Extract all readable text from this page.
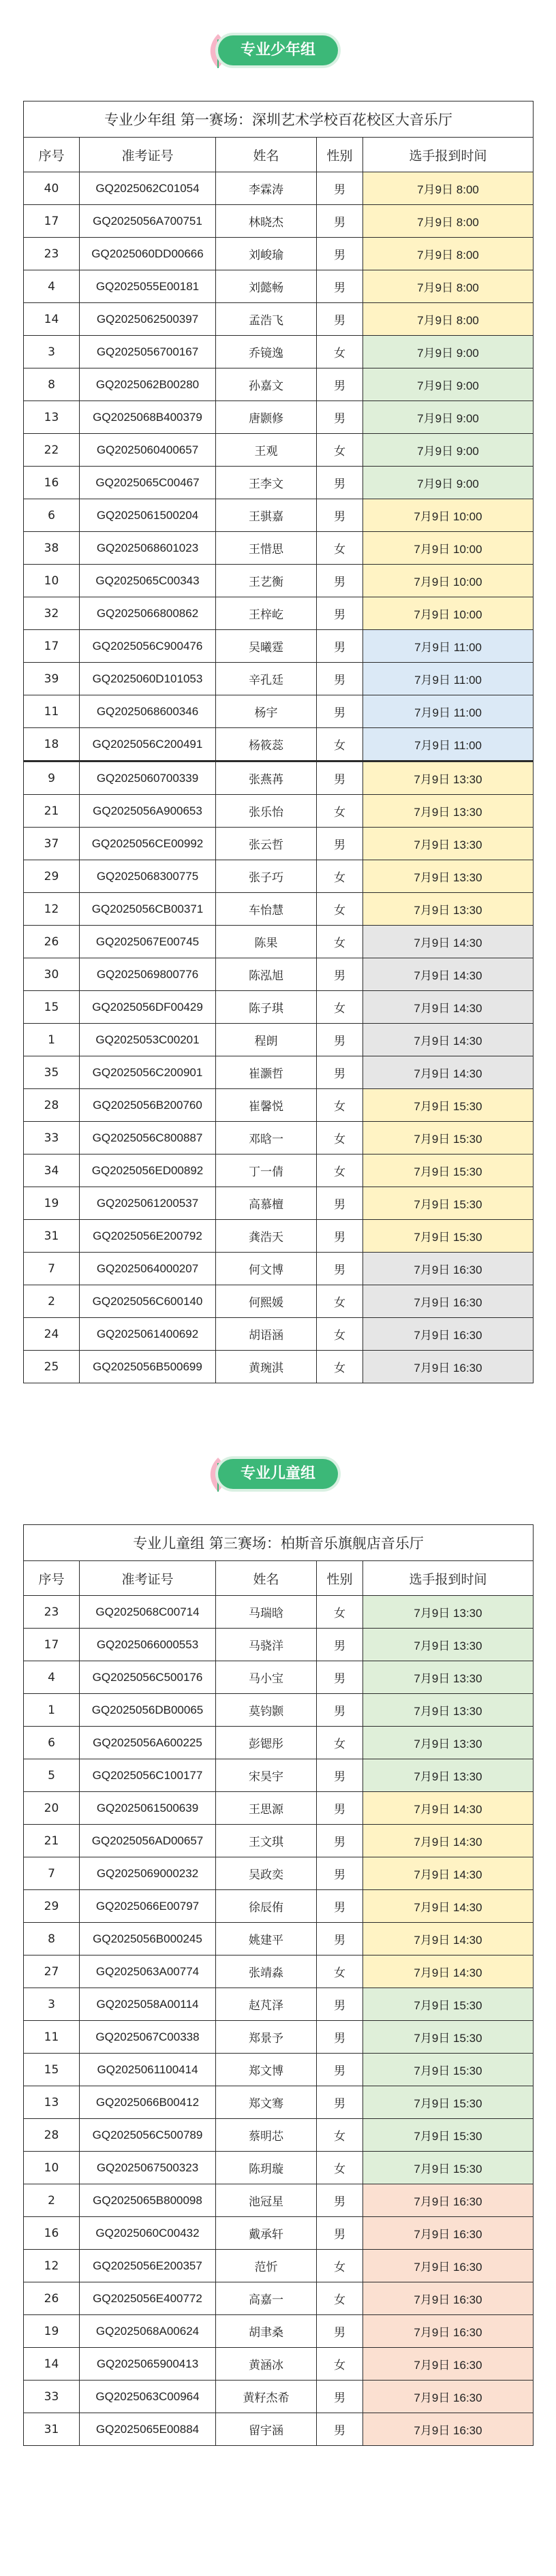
专业少年组
专业少年组 第一赛场：深圳艺术学校百花校区大音乐厅				
序号	准考证号	姓名	性别	选手报到时间
40	GQ2025062C01054	李霖涛	男	7月9日 8:00
17	GQ2025056A700751	林晓杰	男	7月9日 8:00
23	GQ2025060DD00666	刘峻瑜	男	7月9日 8:00
4	GQ2025055E00181	刘懿畅	男	7月9日 8:00
14	GQ2025062500397	孟浩飞	男	7月9日 8:00
3	GQ2025056700167	乔镜逸	女	7月9日 9:00
8	GQ2025062B00280	孙嘉文	男	7月9日 9:00
13	GQ2025068B400379	唐颢修	男	7月9日 9:00
22	GQ2025060400657	王观	女	7月9日 9:00
16	GQ2025065C00467	王李文	男	7月9日 9:00
6	GQ2025061500204	王骐嘉	男	7月9日 10:00
38	GQ2025068601023	王惜思	女	7月9日 10:00
10	GQ2025065C00343	王艺衡	男	7月9日 10:00
32	GQ2025066800862	王梓屹	男	7月9日 10:00
17	GQ2025056C900476	吴曦霆	男	7月9日 11:00
39	GQ2025060D101053	辛孔廷	男	7月9日 11:00
11	GQ2025068600346	杨宇	男	7月9日 11:00
18	GQ2025056C200491	杨筱蕊	女	7月9日 11:00
9	GQ2025060700339	张燕苒	男	7月9日 13:30
21	GQ2025056A900653	张乐怡	女	7月9日 13:30
37	GQ2025056CE00992	张云哲	男	7月9日 13:30
29	GQ2025068300775	张子巧	女	7月9日 13:30
12	GQ2025056CB00371	车怡慧	女	7月9日 13:30
26	GQ2025067E00745	陈果	女	7月9日 14:30
30	GQ2025069800776	陈泓旭	男	7月9日 14:30
15	GQ2025056DF00429	陈子琪	女	7月9日 14:30
1	GQ2025053C00201	程朗	男	7月9日 14:30
35	GQ2025056C200901	崔灏哲	男	7月9日 14:30
28	GQ2025056B200760	崔馨悦	女	7月9日 15:30
33	GQ2025056C800887	邓晗一	女	7月9日 15:30
34	GQ2025056ED00892	丁一倩	女	7月9日 15:30
19	GQ2025061200537	高慕檀	男	7月9日 15:30
31	GQ2025056E200792	龚浩天	男	7月9日 15:30
7	GQ2025064000207	何文博	男	7月9日 16:30
2	GQ2025056C600140	何熙媛	女	7月9日 16:30
24	GQ2025061400692	胡语涵	女	7月9日 16:30
25	GQ2025056B500699	黄琬淇	女	7月9日 16:30
专业儿童组
专业儿童组 第三赛场：柏斯音乐旗舰店音乐厅				
序号	准考证号	姓名	性别	选手报到时间
23	GQ2025068C00714	马瑞晗	女	7月9日 13:30
17	GQ2025066000553	马骁洋	男	7月9日 13:30
4	GQ2025056C500176	马小宝	男	7月9日 13:30
1	GQ2025056DB00065	莫钧颢	男	7月9日 13:30
6	GQ2025056A600225	彭锶彤	女	7月9日 13:30
5	GQ2025056C100177	宋昊宇	男	7月9日 13:30
20	GQ2025061500639	王思源	男	7月9日 14:30
21	GQ2025056AD00657	王文琪	男	7月9日 14:30
7	GQ2025069000232	吴政奕	男	7月9日 14:30
29	GQ2025066E00797	徐辰侑	男	7月9日 14:30
8	GQ2025056B000245	姚建平	男	7月9日 14:30
27	GQ2025063A00774	张靖淼	女	7月9日 14:30
3	GQ2025058A00114	赵芃泽	男	7月9日 15:30
11	GQ2025067C00338	郑景予	男	7月9日 15:30
15	GQ2025061100414	郑文博	男	7月9日 15:30
13	GQ2025066B00412	郑文骞	男	7月9日 15:30
28	GQ2025056C500789	蔡明芯	女	7月9日 15:30
10	GQ2025067500323	陈玥璇	女	7月9日 15:30
2	GQ2025065B800098	池冠星	男	7月9日 16:30
16	GQ2025060C00432	戴承轩	男	7月9日 16:30
12	GQ2025056E200357	范忻	女	7月9日 16:30
26	GQ2025056E400772	高嘉一	女	7月9日 16:30
19	GQ2025068A00624	胡聿桑	男	7月9日 16:30
14	GQ2025065900413	黄涵冰	女	7月9日 16:30
33	GQ2025063C00964	黄籽杰希	男	7月9日 16:30
31	GQ2025065E00884	留宇涵	男	7月9日 16:30
